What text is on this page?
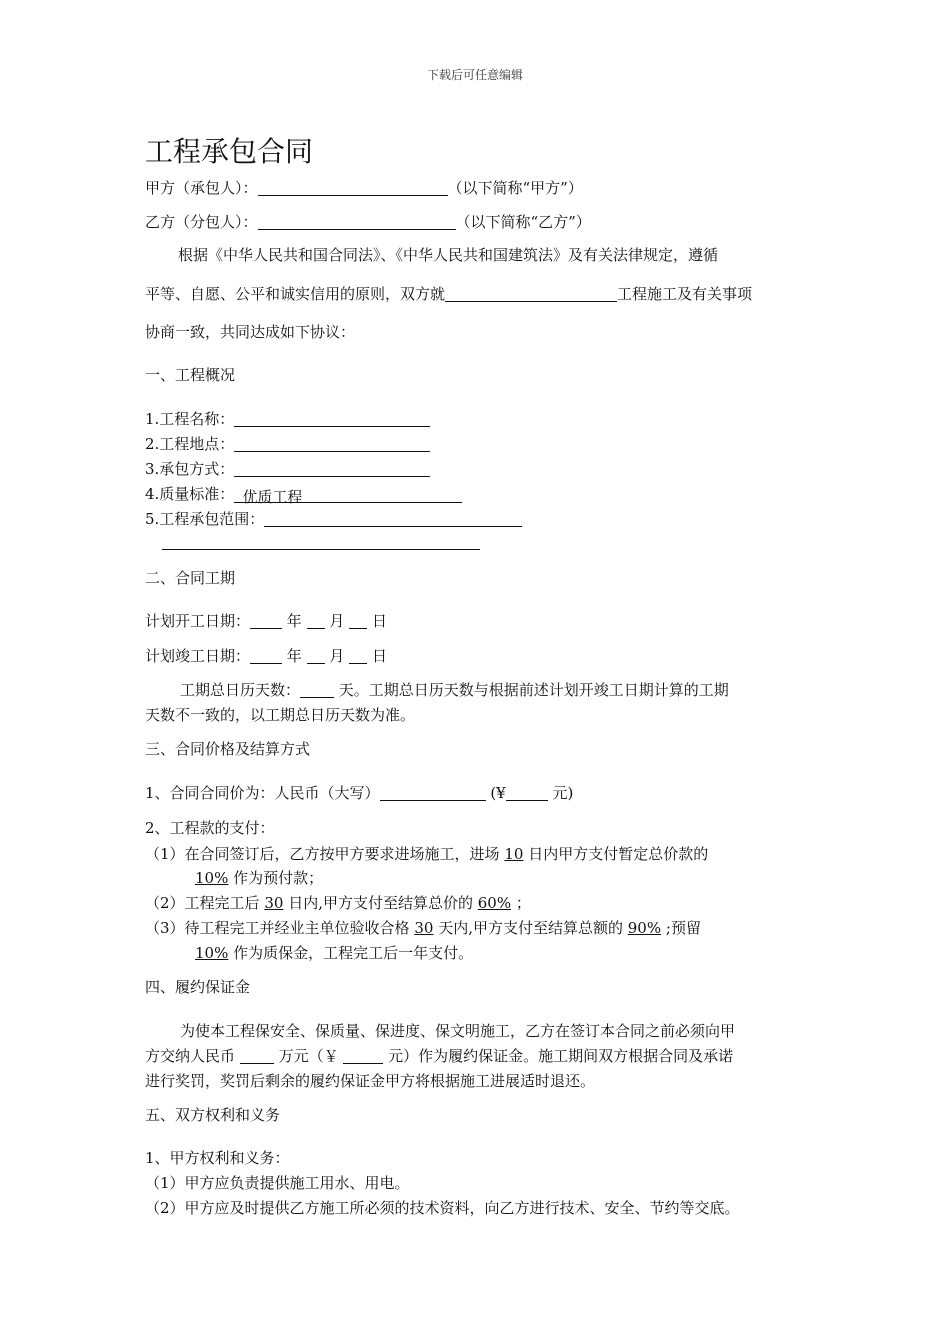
下载后可任意编辑
工程承包合同
甲方（承包人）：	（以下简称“甲方”）
乙方（分包人）：	（以下简称“乙方”）
根据《中华人民共和国合同法》、《中华人民共和国建筑法》及有关法律规定，遵循
平等、自愿、公平和诚实信用的原则，双方就	工程施工及有关事项
协商一致，共同达成如下协议：
一、工程概况
1.工程名称：
2.工程地点：
3.承包方式：
4.质量标准： 优质工程
5.工程承包范围：
二、合同工期
计划开工日期： 年 月 日
计划竣工日期： 年 月 日
工期总日历天数：	天。工期总日历天数与根据前述计划开竣工日期计算的工期
天数不一致的，以工期总日历天数为准。
三、合同价格及结算方式
1、合同合同价为：人民币（大写）	(¥	元)
2、工程款的支付：
（1）在合同签订后，乙方按甲方要求进场施工，进场 10 日内甲方支付暂定总价款的
10% 作为预付款；
（2）工程完工后 30 日内,甲方支付至结算总价的 60% ；
（3）待工程完工并经业主单位验收合格 30 天内,甲方支付至结算总额的 90% ;预留
10% 作为质保金，工程完工后一年支付。
四、履约保证金
为使本工程保安全、保质量、保进度、保文明施工，乙方在签订本合同之前必须向甲
方交纳人民币	万元（￥	元）作为履约保证金。施工期间双方根据合同及承诺
进行奖罚，奖罚后剩余的履约保证金甲方将根据施工进展适时退还。
五、双方权利和义务
1、甲方权利和义务：
（1）甲方应负责提供施工用水、用电。
（2）甲方应及时提供乙方施工所必须的技术资料，向乙方进行技术、安全、节约等交底。
